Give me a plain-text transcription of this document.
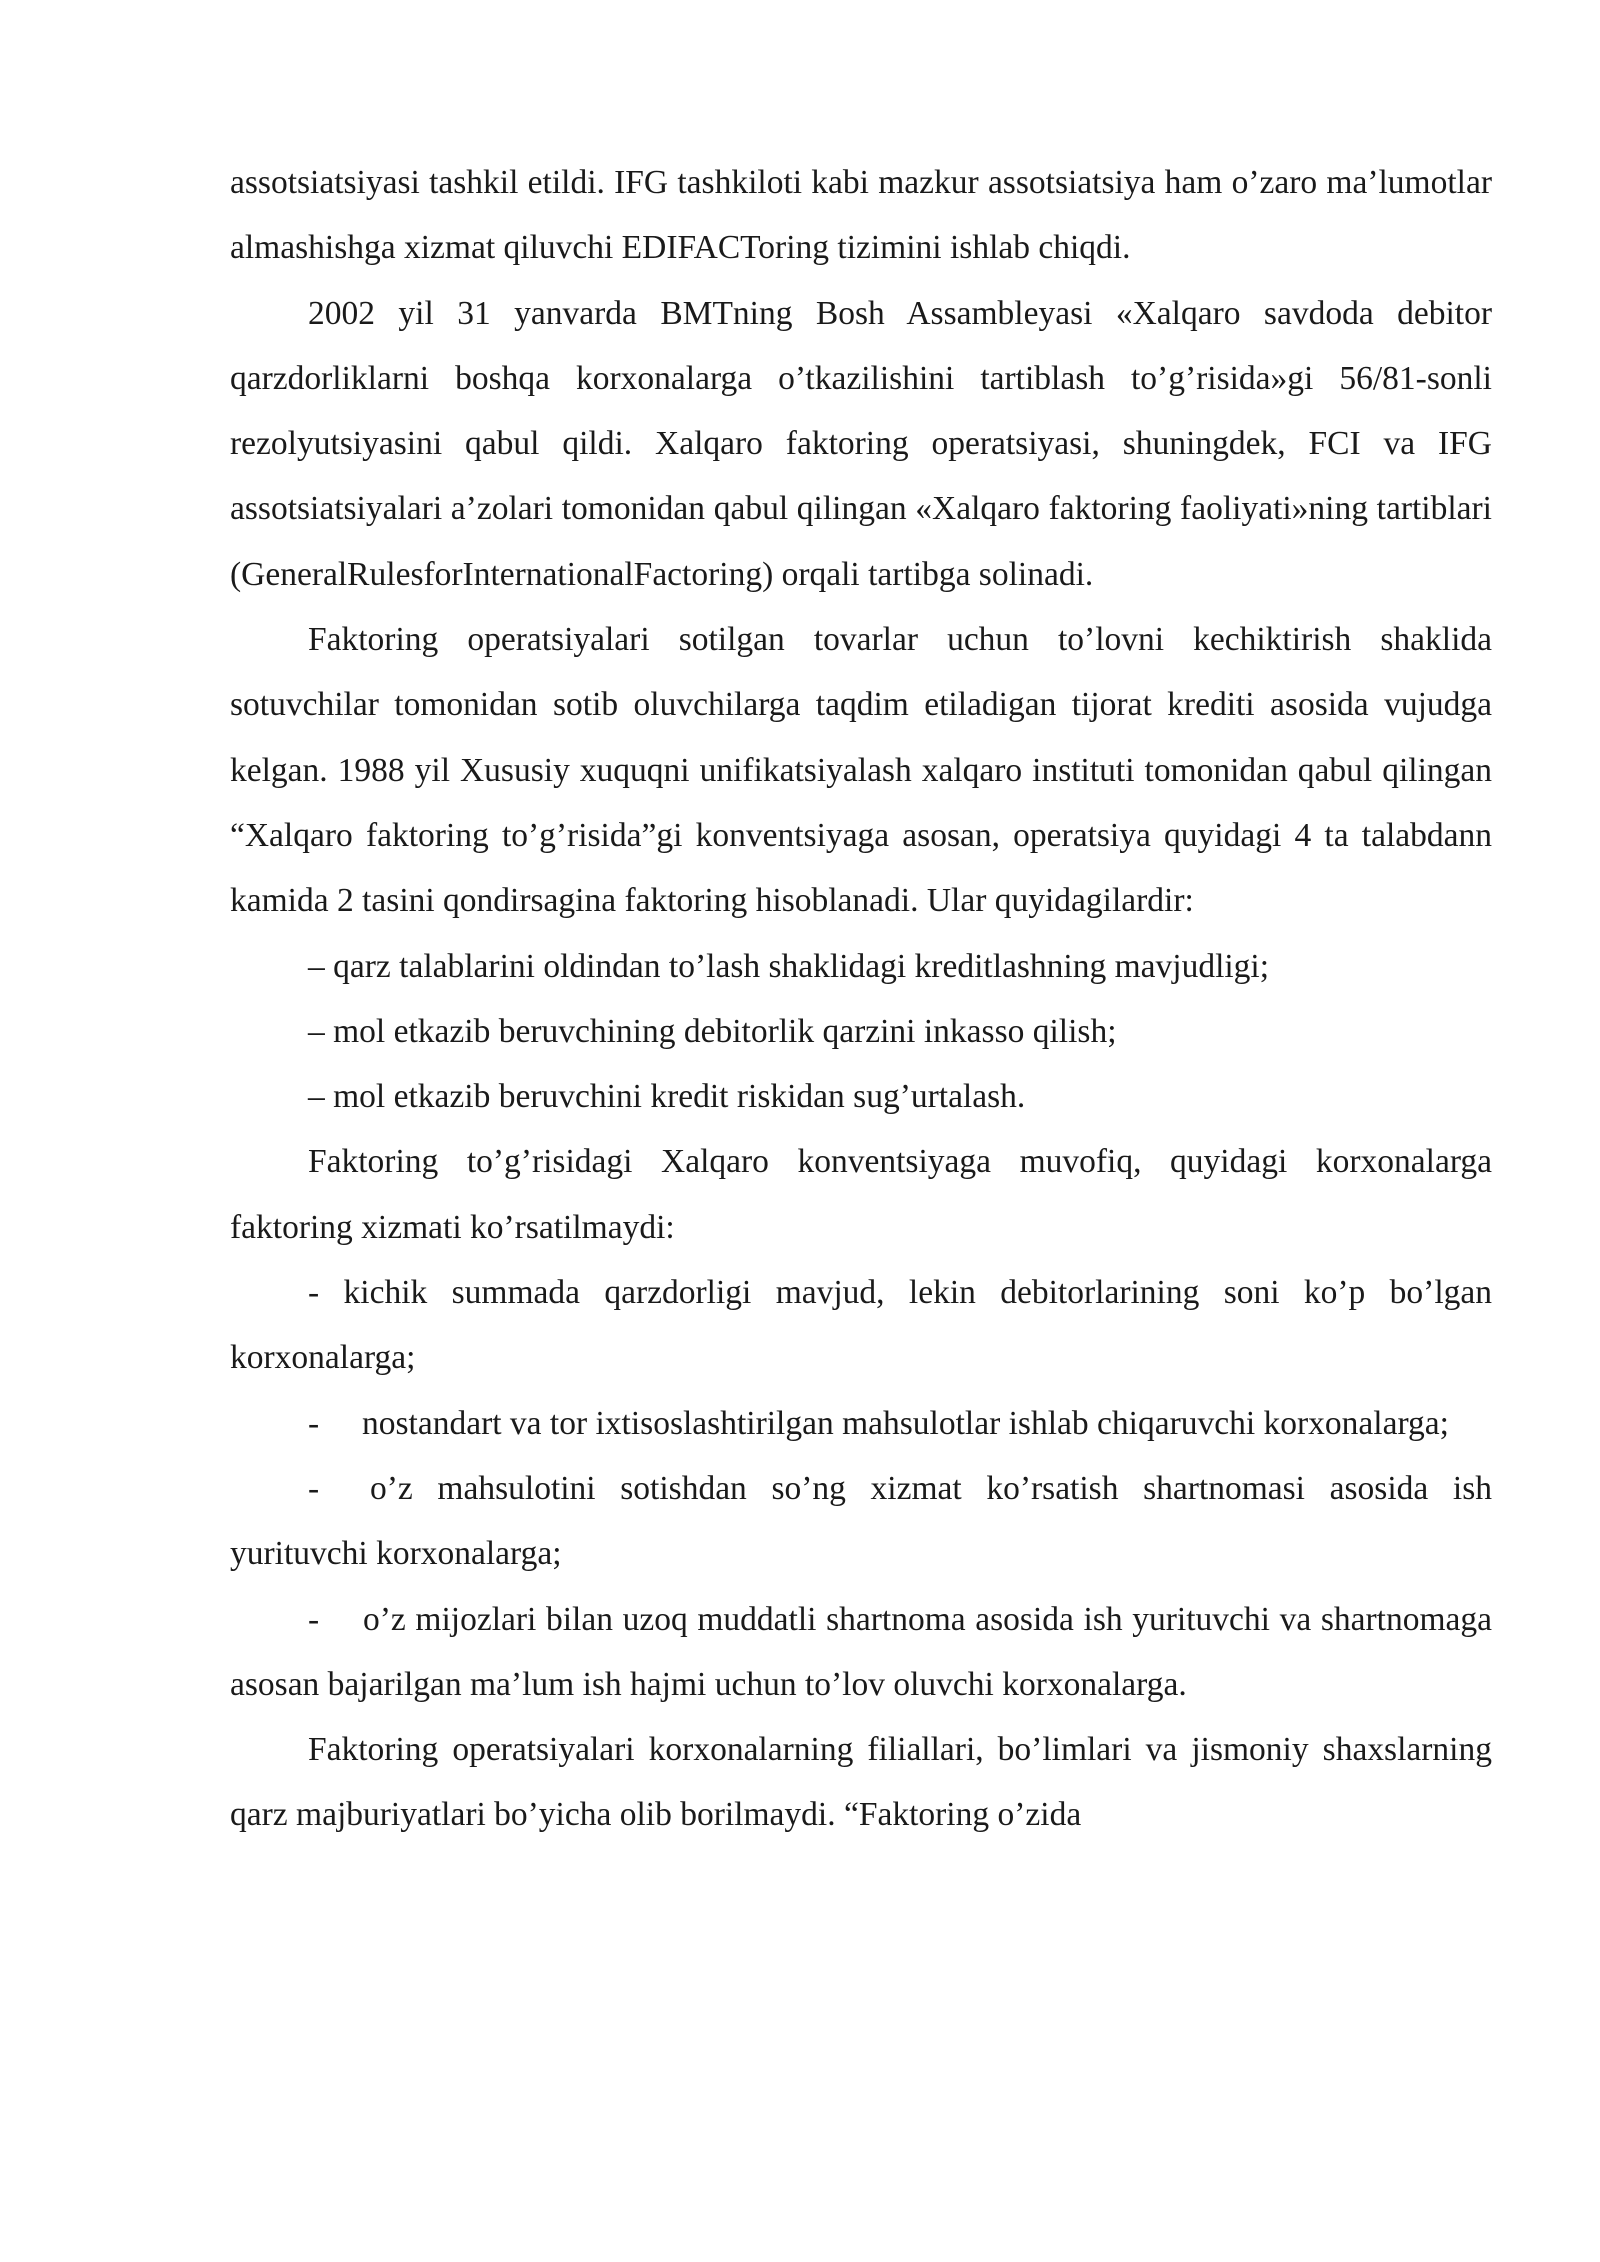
assotsiatsiyasi tashkil etildi. IFG tashkiloti kabi mazkur assotsiatsiya ham o’zaro ma’lumotlar almashishga xizmat qiluvchi EDIFACToring tizimini ishlab chiqdi.

2002 yil 31 yanvarda BMTning Bosh Assambleyasi «Xalqaro savdoda debitor qarzdorliklarni boshqa korxonalarga o’tkazilishini tartiblash to’g’risida»gi 56/81-sonli rezolyutsiyasini qabul qildi. Xalqaro faktoring operatsiyasi, shuningdek, FCI va IFG assotsiatsiyalari a’zolari tomonidan qabul qilingan «Xalqaro faktoring faoliyati»ning tartiblari (GeneralRulesforInternationalFactoring) orqali tartibga solinadi.

Faktoring operatsiyalari sotilgan tovarlar uchun to’lovni kechiktirish shaklida sotuvchilar tomonidan sotib oluvchilarga taqdim etiladigan tijorat krediti asosida vujudga kelgan. 1988 yil Xususiy xuquqni unifikatsiyalash xalqaro instituti tomonidan qabul qilingan “Xalqaro faktoring to’g’risida”gi konventsiyaga asosan, operatsiya quyidagi 4 ta talabdann kamida 2 tasini qondirsagina faktoring hisoblanadi. Ular quyidagilardir:

– qarz talablarini oldindan to’lash shaklidagi kreditlashning mavjudligi;

– mol etkazib beruvchining debitorlik qarzini inkasso qilish;

– mol etkazib beruvchini kredit riskidan sug’urtalash.

Faktoring to’g’risidagi Xalqaro konventsiyaga muvofiq, quyidagi korxonalarga faktoring xizmati ko’rsatilmaydi:

- kichik summada qarzdorligi mavjud, lekin debitorlarining soni ko’p bo’lgan korxonalarga;

- nostandart va tor ixtisoslashtirilgan mahsulotlar ishlab chiqaruvchi korxonalarga;

- o’z mahsulotini sotishdan so’ng xizmat ko’rsatish shartnomasi asosida ish yurituvchi korxonalarga;

- o’z mijozlari bilan uzoq muddatli shartnoma asosida ish yurituvchi va shartnomaga asosan bajarilgan ma’lum ish hajmi uchun to’lov oluvchi korxonalarga.

Faktoring operatsiyalari korxonalarning filiallari, bo’limlari va jismoniy shaxslarning qarz majburiyatlari bo’yicha olib borilmaydi. “Faktoring o’zida
